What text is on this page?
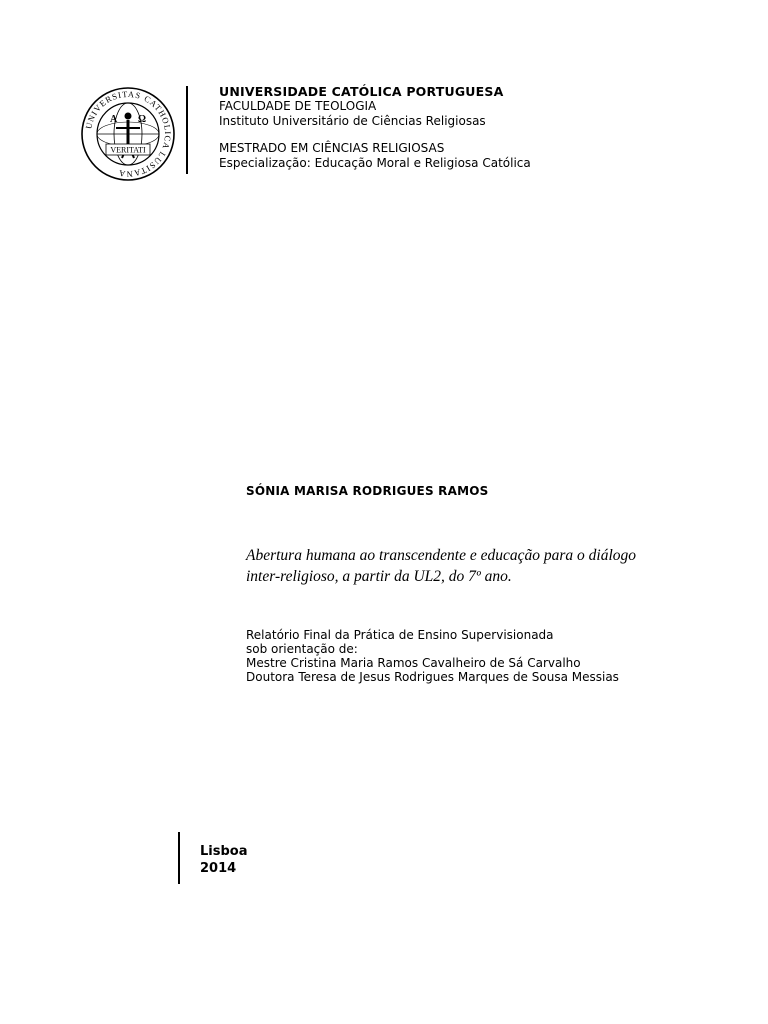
UNIVERSITAS CATHOLICA LUSITANA
A Ω
VERITATI
UNIVERSIDADE CATÓLICA PORTUGUESA
FACULDADE DE TEOLOGIA
Instituto Universitário de Ciências Religiosas
MESTRADO EM CIÊNCIAS RELIGIOSAS
Especialização: Educação Moral e Religiosa Católica
SÓNIA MARISA RODRIGUES RAMOS
Abertura humana ao transcendente e educação para o diálogo
inter-religioso, a partir da UL2, do 7º ano.
Relatório Final da Prática de Ensino Supervisionada
sob orientação de:
Mestre Cristina Maria Ramos Cavalheiro de Sá Carvalho
Doutora Teresa de Jesus Rodrigues Marques de Sousa Messias
Lisboa
2014
